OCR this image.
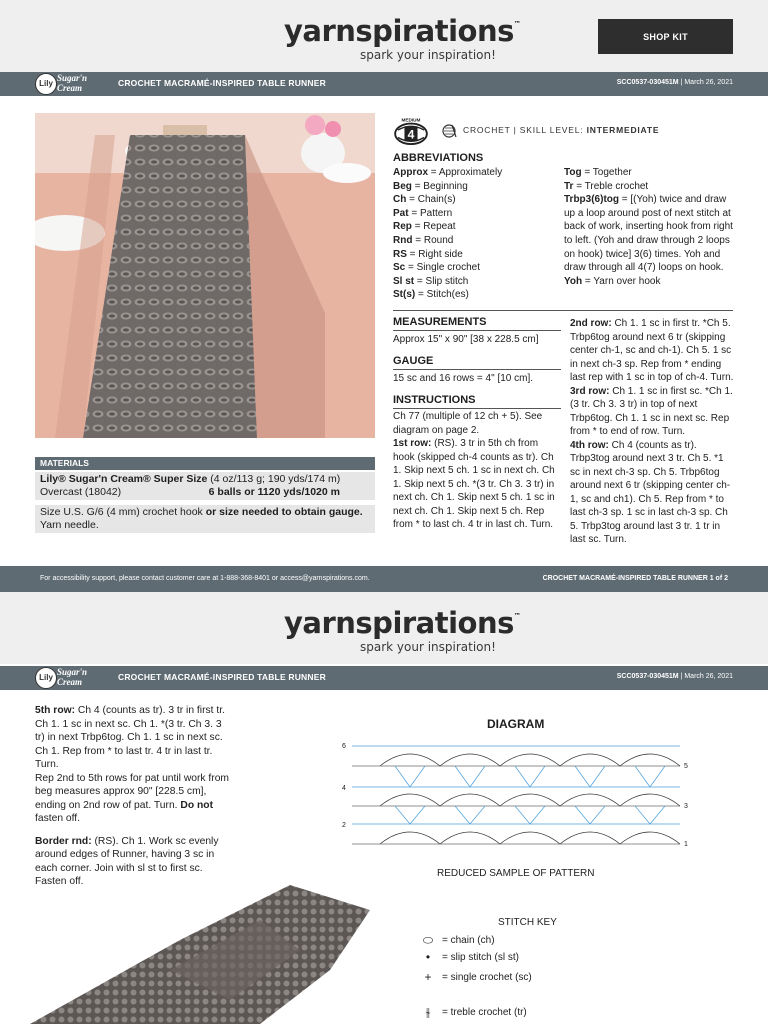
yarnspirations™
spark your inspiration!
SHOP KIT
Lily
Sugar'n
Cream	CROCHET MACRAMÉ-INSPIRED TABLE RUNNER	SCC0537-030451M | March 26, 2021
MATERIALS
Lily® Sugar'n Cream® Super Size (4 oz/113 g; 190 yds/174 m)
Overcast (18042)	6 balls or 1120 yds/1020 m
Size U.S. G/6 (4 mm) crochet hook or size needed to obtain gauge.
Yarn needle.
MEDIUM
4	CROCHET | SKILL LEVEL: INTERMEDIATE
ABBREVIATIONS
Approx = Approximately
Beg = Beginning
Ch = Chain(s)
Pat = Pattern
Rep = Repeat
Rnd = Round
RS = Right side
Sc = Single crochet
Sl st = Slip stitch
St(s) = Stitch(es)
Tog = Together
Tr = Treble crochet
Trbp3(6)tog = [(Yoh) twice and draw up a loop around post of next stitch at back of work, inserting hook from right to left. (Yoh and draw through 2 loops on hook) twice] 3(6) times. Yoh and draw through all 4(7) loops on hook.
Yoh = Yarn over hook
MEASUREMENTS
Approx 15" x 90" [38 x 228.5 cm]
GAUGE
15 sc and 16 rows = 4" [10 cm].
INSTRUCTIONS
Ch 77 (multiple of 12 ch + 5). See diagram on page 2.
1st row: (RS). 3 tr in 5th ch from hook (skipped ch-4 counts as tr). Ch 1. Skip next 5 ch. 1 sc in next ch. Ch 1. Skip next 5 ch. *(3 tr. Ch 3. 3 tr) in next ch. Ch 1. Skip next 5 ch. 1 sc in next ch. Ch 1. Skip next 5 ch. Rep from * to last ch. 4 tr in last ch. Turn.
2nd row: Ch 1. 1 sc in first tr. *Ch 5. Trbp6tog around next 6 tr (skipping center ch-1, sc and ch-1). Ch 5. 1 sc in next ch-3 sp. Rep from * ending last rep with 1 sc in top of ch-4. Turn.
3rd row: Ch 1. 1 sc in first sc. *Ch 1. (3 tr. Ch 3. 3 tr) in top of next Trbp6tog. Ch 1. 1 sc in next sc. Rep from * to end of row. Turn.
4th row: Ch 4 (counts as tr). Trbp3tog around next 3 tr. Ch 5. *1 sc in next ch-3 sp. Ch 5. Trbp6tog around next 6 tr (skipping center ch-1, sc and ch1). Ch 5. Rep from * to last ch-3 sp. 1 sc in last ch-3 sp. Ch 5. Trbp3tog around last 3 tr. 1 tr in last sc. Turn.
For accessibility support, please contact customer care at 1-888-368-8401 or access@yarnspirations.com.	CROCHET MACRAMÉ-INSPIRED TABLE RUNNER 1 of 2
yarnspirations™
spark your inspiration!
Lily
Sugar'n
Cream	CROCHET MACRAMÉ-INSPIRED TABLE RUNNER	SCC0537-030451M | March 26, 2021
5th row: Ch 4 (counts as tr). 3 tr in first tr. Ch 1. 1 sc in next sc. Ch 1. *(3 tr. Ch 3. 3 tr) in next Trbp6tog. Ch 1. 1 sc in next sc. Ch 1. Rep from * to last tr. 4 tr in last tr. Turn.
Rep 2nd to 5th rows for pat until work from beg measures approx 90" [228.5 cm], ending on 2nd row of pat. Turn. Do not fasten off.
Border rnd: (RS). Ch 1. Work sc evenly around edges of Runner, having 3 sc in each corner. Join with sl st to first sc. Fasten off.
DIAGRAM
6
4
2
5
3
1
REDUCED SAMPLE OF PATTERN
STITCH KEY
⬭ = chain (ch)
•	= slip stitch (sl st)
+	= single crochet (sc)
⫳	= treble crochet (tr)
